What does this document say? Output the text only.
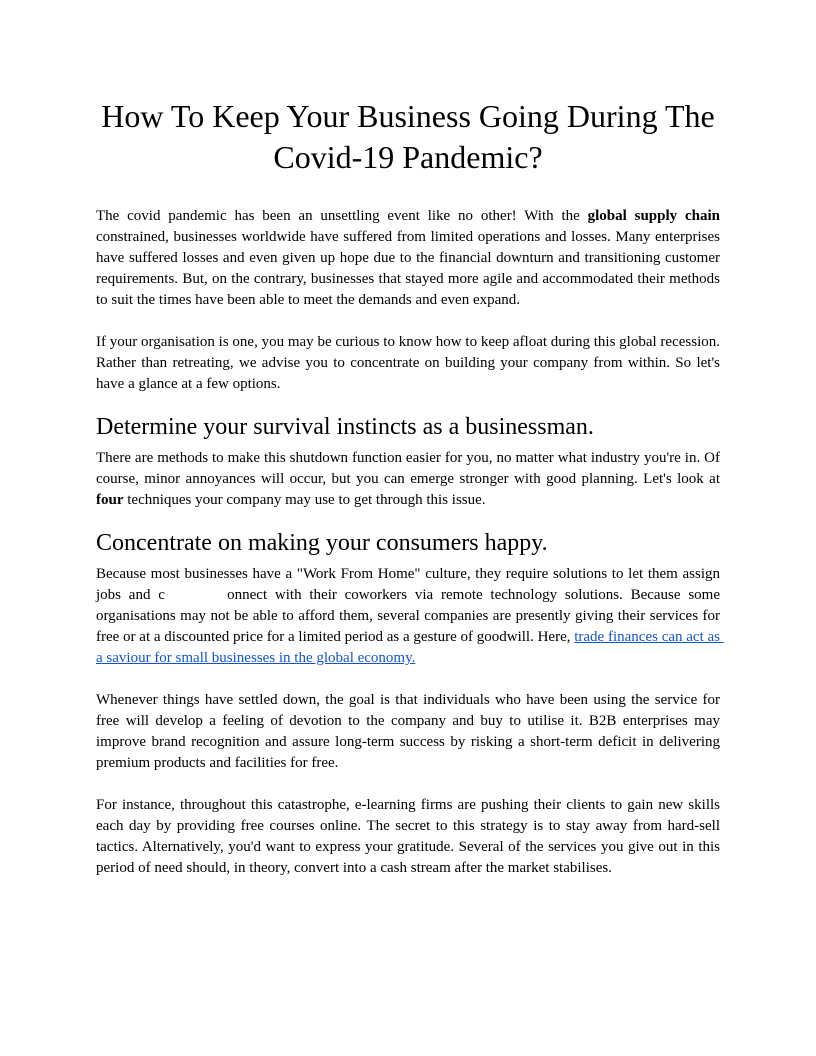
How To Keep Your Business Going During The
Covid-19 Pandemic?

The covid pandemic has been an unsettling event like no other! With the global supply chain constrained, businesses worldwide have suffered from limited operations and losses. Many enterprises have suffered losses and even given up hope due to the financial downturn and transitioning customer requirements. But, on the contrary, businesses that stayed more agile and accommodated their methods to suit the times have been able to meet the demands and even expand.

If your organisation is one, you may be curious to know how to keep afloat during this global recession. Rather than retreating, we advise you to concentrate on building your company from within. So let's have a glance at a few options.

Determine your survival instincts as a businessman.

There are methods to make this shutdown function easier for you, no matter what industry you're in. Of course, minor annoyances will occur, but you can emerge stronger with good planning. Let's look at four techniques your company may use to get through this issue.

Concentrate on making your consumers happy.

Because most businesses have a "Work From Home" culture, they require solutions to let them assign jobs and c        onnect with their coworkers via remote technology solutions. Because some organisations may not be able to afford them, several companies are presently giving their services for free or at a discounted price for a limited period as a gesture of goodwill. Here, trade finances can act as a saviour for small businesses in the global economy.

Whenever things have settled down, the goal is that individuals who have been using the service for free will develop a feeling of devotion to the company and buy to utilise it. B2B enterprises may improve brand recognition and assure long-term success by risking a short-term deficit in delivering premium products and facilities for free.

For instance, throughout this catastrophe, e-learning firms are pushing their clients to gain new skills each day by providing free courses online. The secret to this strategy is to stay away from hard-sell tactics. Alternatively, you'd want to express your gratitude. Several of the services you give out in this period of need should, in theory, convert into a cash stream after the market stabilises.
